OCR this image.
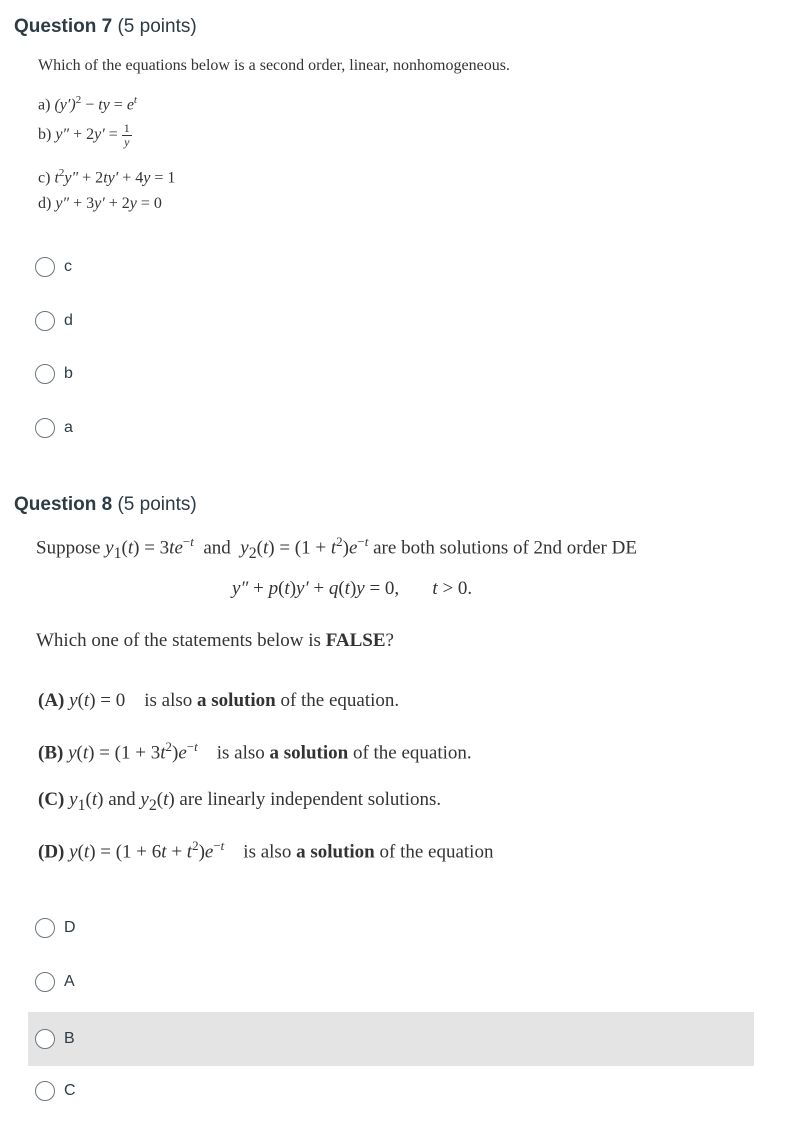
Question 7 (5 points)
Which of the equations below is a second order, linear, nonhomogeneous.
a) $(y')^2$ − ty = $e^t$
b) $y'' + 2y' = \frac{1}{y}$
c) $t^2y'' + 2ty' + 4y = 1$
d) y″ + 3y′ + 2y = 0
c
d
b
a
Question 8 (5 points)
Suppose $y_1(t) = 3te^{-t}$ and $y_2(t) = (1 + t^2)e^{-t}$ are both solutions of 2nd order DE
y″ + p(t)y′ + q(t)y = 0,       t > 0.
Which one of the statements below is FALSE?
(A) y(t) = 0    is also a solution of the equation.
(B) $y(t) = (1 + 3t^2)e^{-t}$ is also a solution of the equation.
(C) $y_1(t)$ and $y_2(t)$ are linearly independent solutions.
(D) $y(t) = (1 + 6t + t^2)e^{-t}$ is also a solution of the equation
D
A
B
C
